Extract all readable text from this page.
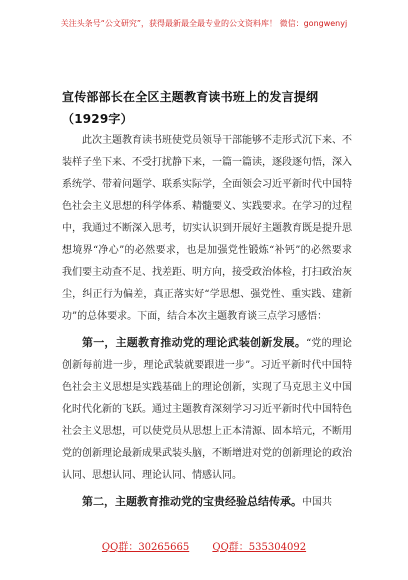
关注头条号“公文研究”，获得最新最全最专业的公文资料库！ 微信：gongwenyj
宣传部部长在全区主题教育读书班上的发言提纲（1929字）

此次主题教育读书班使党员领导干部能够不走形式沉下来、不装样子坐下来、不受打扰静下来，一篇一篇读，逐段逐句悟，深入系统学、带着问题学、联系实际学，全面领会习近平新时代中国特色社会主义思想的科学体系、精髓要义、实践要求。在学习的过程中，我通过不断深入思考，切实认识到开展好主题教育既是提升思想境界“净心”的必然要求，也是加强党性锻炼“补钙”的必然要求我们要主动查不足、找差距、明方向，接受政治体检，打扫政治灰尘，纠正行为偏差，真正落实好“学思想、强党性、重实践、建新功”的总体要求。下面，结合本次主题教育谈三点学习感悟：

第一，主题教育推动党的理论武装创新发展。“党的理论创新每前进一步，理论武装就要跟进一步”。习近平新时代中国特色社会主义思想是实践基础上的理论创新，实现了马克思主义中国化时代化新的飞跃。通过主题教育深刻学习习近平新时代中国特色社会主义思想，可以使党员从思想上正本清源、固本培元，不断用党的创新理论最新成果武装头脑，不断增进对党的创新理论的政治认同、思想认同、理论认同、情感认同。

第二，主题教育推动党的宝贵经验总结传承。中国共

QQ群：30265665 QQ群：535304092
